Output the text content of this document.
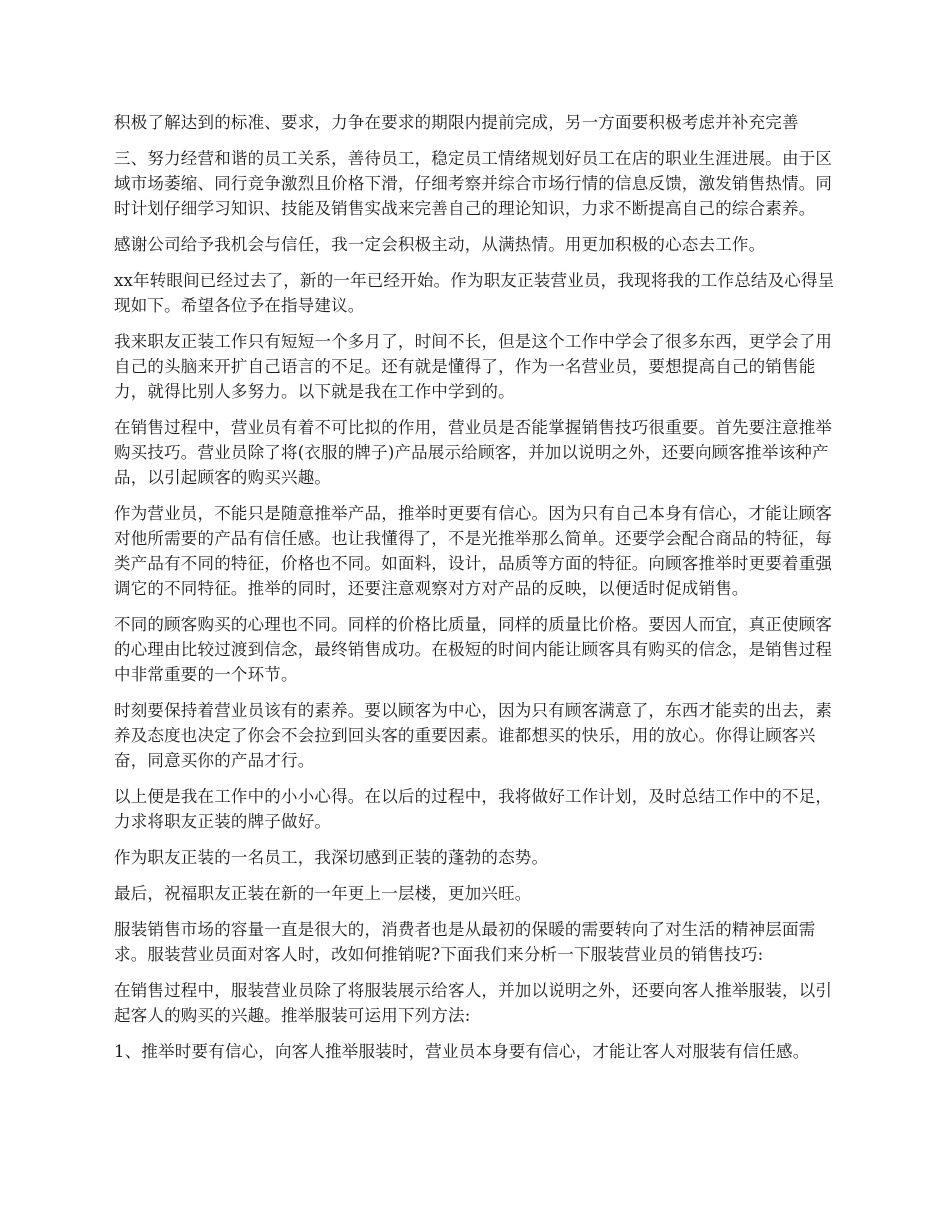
积极了解达到的标准、要求，力争在要求的期限内提前完成，另一方面要积极考虑并补充完善

三、努力经营和谐的员工关系，善待员工，稳定员工情绪规划好员工在店的职业生涯进展。由于区域市场萎缩、同行竞争激烈且价格下滑，仔细考察并综合市场行情的信息反馈，激发销售热情。同时计划仔细学习知识、技能及销售实战来完善自己的理论知识，力求不断提高自己的综合素养。

感谢公司给予我机会与信任，我一定会积极主动，从满热情。用更加积极的心态去工作。

xx年转眼间已经过去了，新的一年已经开始。作为职友正装营业员，我现将我的工作总结及心得呈现如下。希望各位予在指导建议。

我来职友正装工作只有短短一个多月了，时间不长，但是这个工作中学会了很多东西，更学会了用自己的头脑来开扩自己语言的不足。还有就是懂得了，作为一名营业员，要想提高自己的销售能力，就得比别人多努力。以下就是我在工作中学到的。

在销售过程中，营业员有着不可比拟的作用，营业员是否能掌握销售技巧很重要。首先要注意推举购买技巧。营业员除了将(衣服的牌子)产品展示给顾客，并加以说明之外，还要向顾客推举该种产品，以引起顾客的购买兴趣。

作为营业员，不能只是随意推举产品，推举时更要有信心。因为只有自己本身有信心，才能让顾客对他所需要的产品有信任感。也让我懂得了，不是光推举那么简单。还要学会配合商品的特征，每类产品有不同的特征，价格也不同。如面料，设计，品质等方面的特征。向顾客推举时更要着重强调它的不同特征。推举的同时，还要注意观察对方对产品的反映，以便适时促成销售。

不同的顾客购买的心理也不同。同样的价格比质量，同样的质量比价格。要因人而宜，真正使顾客的心理由比较过渡到信念，最终销售成功。在极短的时间内能让顾客具有购买的信念，是销售过程中非常重要的一个环节。

时刻要保持着营业员该有的素养。要以顾客为中心，因为只有顾客满意了，东西才能卖的出去，素养及态度也决定了你会不会拉到回头客的重要因素。谁都想买的快乐，用的放心。你得让顾客兴奋，同意买你的产品才行。

以上便是我在工作中的小小心得。在以后的过程中，我将做好工作计划，及时总结工作中的不足，力求将职友正装的牌子做好。

作为职友正装的一名员工，我深切感到正装的蓬勃的态势。

最后，祝福职友正装在新的一年更上一层楼，更加兴旺。

服装销售市场的容量一直是很大的，消费者也是从最初的保暖的需要转向了对生活的精神层面需求。服装营业员面对客人时，改如何推销呢?下面我们来分析一下服装营业员的销售技巧:

在销售过程中，服装营业员除了将服装展示给客人，并加以说明之外，还要向客人推举服装，以引起客人的购买的兴趣。推举服装可运用下列方法:

1、推举时要有信心，向客人推举服装时，营业员本身要有信心，才能让客人对服装有信任感。
